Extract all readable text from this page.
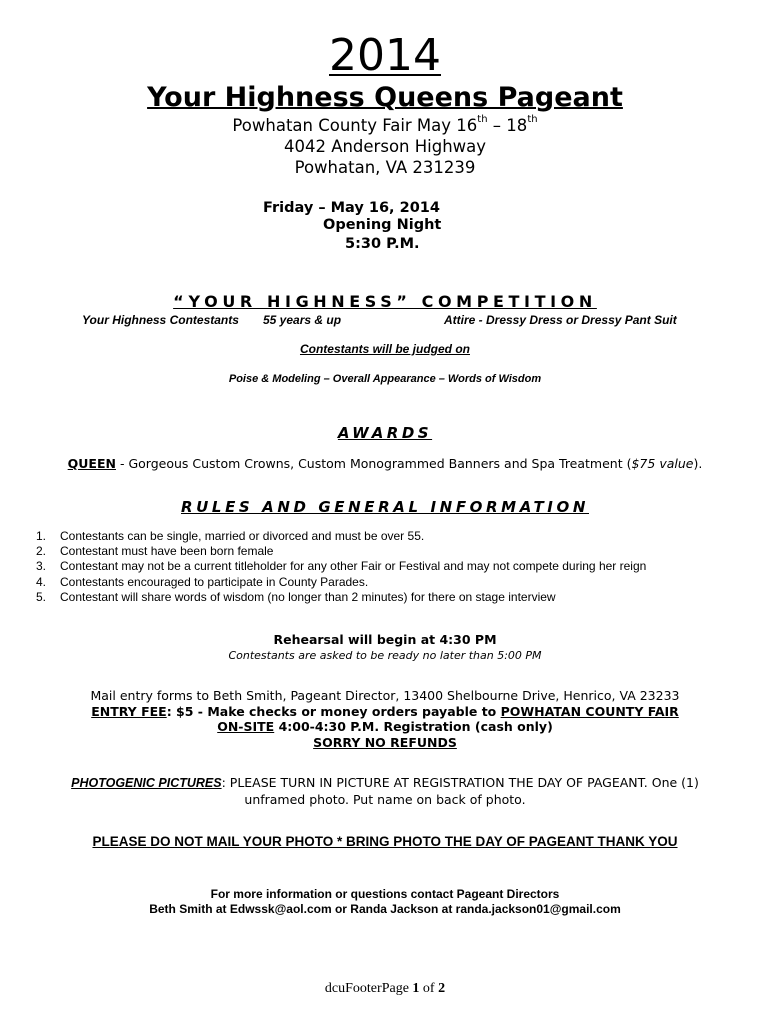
2014
Your Highness Queens Pageant
Powhatan County Fair May 16th – 18th
4042 Anderson Highway
Powhatan, VA 231239
Friday – May 16, 2014
Opening Night
5:30 P.M.
“YOUR HIGHNESS” COMPETITION
Your Highness Contestants 55 years & up	Attire - Dressy Dress or Dressy Pant Suit
Contestants will be judged on
Poise & Modeling – Overall Appearance – Words of Wisdom
AWARDS
QUEEN - Gorgeous Custom Crowns, Custom Monogrammed Banners and Spa Treatment ($75 value).
RULES AND GENERAL INFORMATION
1. Contestants can be single, married or divorced and must be over 55.
2. Contestant must have been born female
3. Contestant may not be a current titleholder for any other Fair or Festival and may not compete during her reign
4. Contestants encouraged to participate in County Parades.
5. Contestant will share words of wisdom (no longer than 2 minutes) for there on stage interview
Rehearsal will begin at 4:30 PM
Contestants are asked to be ready no later than 5:00 PM
Mail entry forms to Beth Smith, Pageant Director, 13400 Shelbourne Drive, Henrico, VA 23233
ENTRY FEE: $5 - Make checks or money orders payable to POWHATAN COUNTY FAIR
ON-SITE 4:00-4:30 P.M. Registration (cash only)
SORRY NO REFUNDS
PHOTOGENIC PICTURES: PLEASE TURN IN PICTURE AT REGISTRATION THE DAY OF PAGEANT. One (1)
unframed photo. Put name on back of photo.
PLEASE DO NOT MAIL YOUR PHOTO * BRING PHOTO THE DAY OF PAGEANT THANK YOU
For more information or questions contact Pageant Directors
Beth Smith at Edwssk@aol.com or Randa Jackson at randa.jackson01@gmail.com
dcuFooterPage 1 of 2
